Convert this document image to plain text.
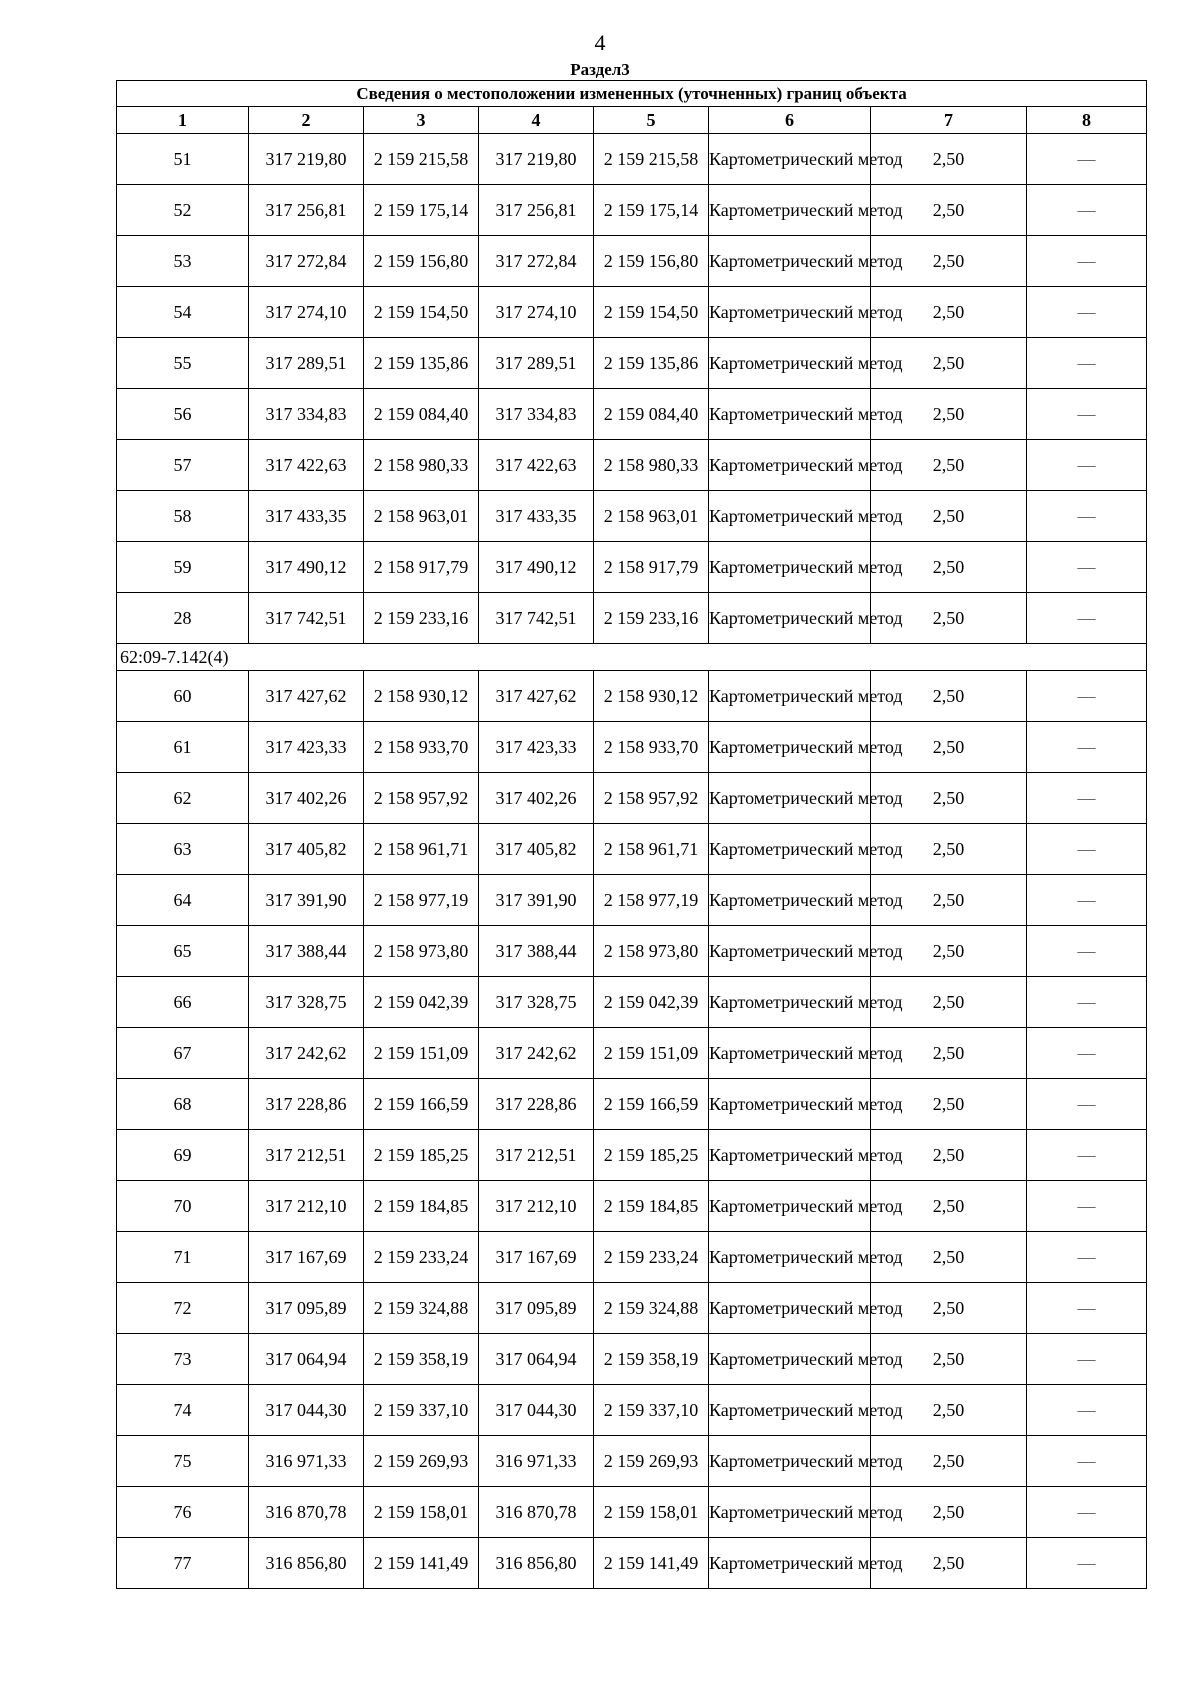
4
Раздел3
Сведения о местоположении измененных (уточненных) границ объекта							
1	2	3	4	5	6	7	8
51	317 219,80	2 159 215,58	317 219,80	2 159 215,58	Картометрический метод	2,50	—
52	317 256,81	2 159 175,14	317 256,81	2 159 175,14	Картометрический метод	2,50	—
53	317 272,84	2 159 156,80	317 272,84	2 159 156,80	Картометрический метод	2,50	—
54	317 274,10	2 159 154,50	317 274,10	2 159 154,50	Картометрический метод	2,50	—
55	317 289,51	2 159 135,86	317 289,51	2 159 135,86	Картометрический метод	2,50	—
56	317 334,83	2 159 084,40	317 334,83	2 159 084,40	Картометрический метод	2,50	—
57	317 422,63	2 158 980,33	317 422,63	2 158 980,33	Картометрический метод	2,50	—
58	317 433,35	2 158 963,01	317 433,35	2 158 963,01	Картометрический метод	2,50	—
59	317 490,12	2 158 917,79	317 490,12	2 158 917,79	Картометрический метод	2,50	—
28	317 742,51	2 159 233,16	317 742,51	2 159 233,16	Картометрический метод	2,50	—
62:09-7.142(4)							
60	317 427,62	2 158 930,12	317 427,62	2 158 930,12	Картометрический метод	2,50	—
61	317 423,33	2 158 933,70	317 423,33	2 158 933,70	Картометрический метод	2,50	—
62	317 402,26	2 158 957,92	317 402,26	2 158 957,92	Картометрический метод	2,50	—
63	317 405,82	2 158 961,71	317 405,82	2 158 961,71	Картометрический метод	2,50	—
64	317 391,90	2 158 977,19	317 391,90	2 158 977,19	Картометрический метод	2,50	—
65	317 388,44	2 158 973,80	317 388,44	2 158 973,80	Картометрический метод	2,50	—
66	317 328,75	2 159 042,39	317 328,75	2 159 042,39	Картометрический метод	2,50	—
67	317 242,62	2 159 151,09	317 242,62	2 159 151,09	Картометрический метод	2,50	—
68	317 228,86	2 159 166,59	317 228,86	2 159 166,59	Картометрический метод	2,50	—
69	317 212,51	2 159 185,25	317 212,51	2 159 185,25	Картометрический метод	2,50	—
70	317 212,10	2 159 184,85	317 212,10	2 159 184,85	Картометрический метод	2,50	—
71	317 167,69	2 159 233,24	317 167,69	2 159 233,24	Картометрический метод	2,50	—
72	317 095,89	2 159 324,88	317 095,89	2 159 324,88	Картометрический метод	2,50	—
73	317 064,94	2 159 358,19	317 064,94	2 159 358,19	Картометрический метод	2,50	—
74	317 044,30	2 159 337,10	317 044,30	2 159 337,10	Картометрический метод	2,50	—
75	316 971,33	2 159 269,93	316 971,33	2 159 269,93	Картометрический метод	2,50	—
76	316 870,78	2 159 158,01	316 870,78	2 159 158,01	Картометрический метод	2,50	—
77	316 856,80	2 159 141,49	316 856,80	2 159 141,49	Картометрический метод	2,50	—
